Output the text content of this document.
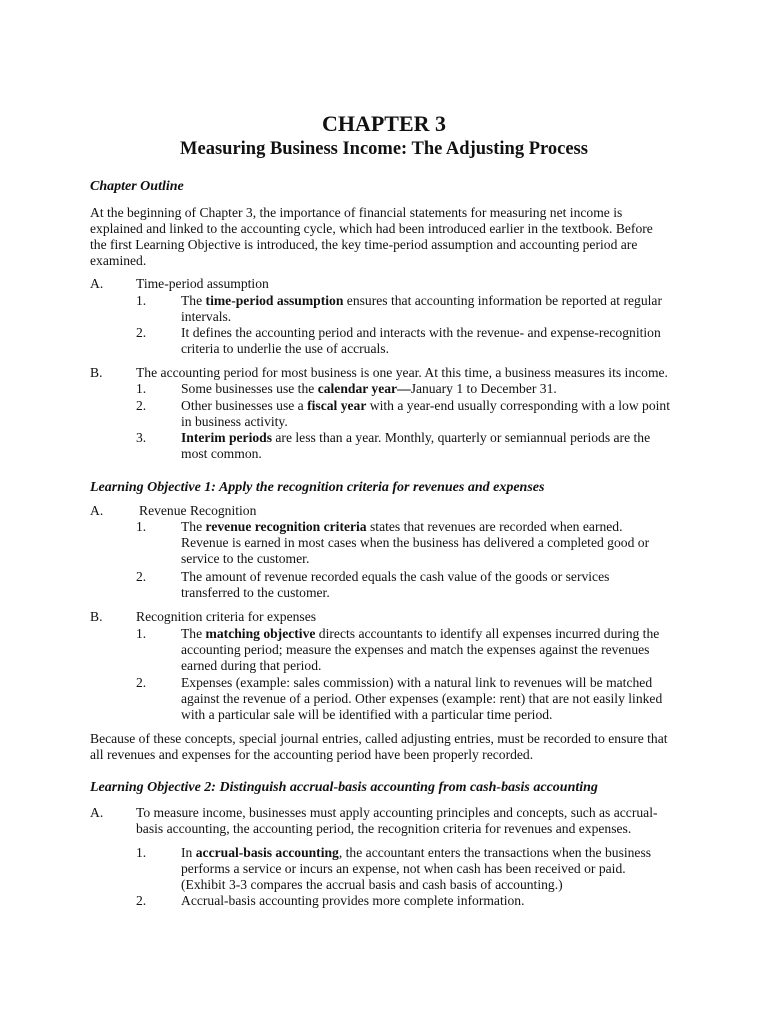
CHAPTER 3
Measuring Business Income: The Adjusting Process
Chapter Outline
At the beginning of Chapter 3, the importance of financial statements for measuring net income is
explained and linked to the accounting cycle, which had been introduced earlier in the textbook. Before
the first Learning Objective is introduced, the key time-period assumption and accounting period are
examined.
A. Time-period assumption
1.	The time-period assumption ensures that accounting information be reported at regular
intervals.
2.	It defines the accounting period and interacts with the revenue- and expense-recognition
criteria to underlie the use of accruals.
B. The accounting period for most business is one year. At this time, a business measures its income.
1.	Some businesses use the calendar year—January 1 to December 31.
2.	Other businesses use a fiscal year with a year-end usually corresponding with a low point
in business activity.
3.	Interim periods are less than a year. Monthly, quarterly or semiannual periods are the
most common.
Learning Objective 1: Apply the recognition criteria for revenues and expenses
A.	Revenue Recognition
1.	The revenue recognition criteria states that revenues are recorded when earned.
Revenue is earned in most cases when the business has delivered a completed good or
service to the customer.
2.	The amount of revenue recorded equals the cash value of the goods or services
transferred to the customer.
B. Recognition criteria for expenses
1.	The matching objective directs accountants to identify all expenses incurred during the
accounting period; measure the expenses and match the expenses against the revenues
earned during that period.
2.	Expenses (example: sales commission) with a natural link to revenues will be matched
against the revenue of a period. Other expenses (example: rent) that are not easily linked
with a particular sale will be identified with a particular time period.
Because of these concepts, special journal entries, called adjusting entries, must be recorded to ensure that
all revenues and expenses for the accounting period have been properly recorded.
Learning Objective 2: Distinguish accrual-basis accounting from cash-basis accounting
A. To measure income, businesses must apply accounting principles and concepts, such as accrual-
basis accounting, the accounting period, the recognition criteria for revenues and expenses.
1.	In accrual-basis accounting, the accountant enters the transactions when the business
performs a service or incurs an expense, not when cash has been received or paid.
(Exhibit 3-3 compares the accrual basis and cash basis of accounting.)
2.	Accrual-basis accounting provides more complete information.
